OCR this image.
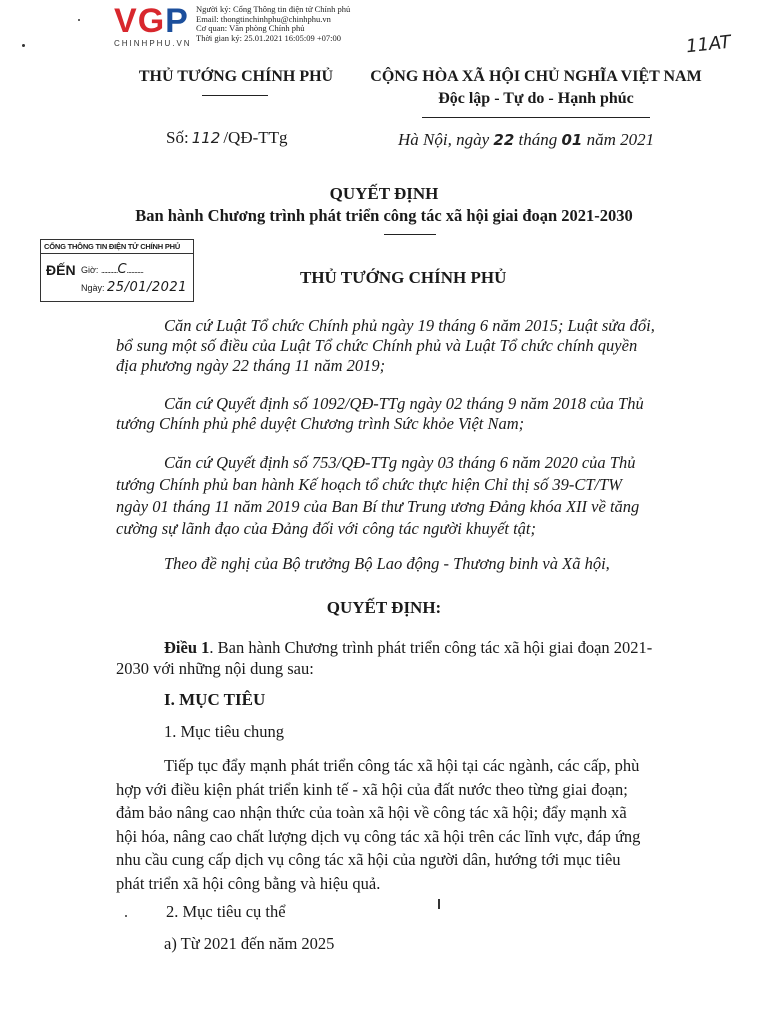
VGP
CHINHPHU.VN
Người ký: Cổng Thông tin điện tử Chính phủ
Email: thongtinchinhphu@chinhphu.vn
Cơ quan: Văn phòng Chính phủ
Thời gian ký: 25.01.2021 16:05:09 +07:00	11AT
THỦ TƯỚNG CHÍNH PHỦ	CỘNG HÒA XÃ HỘI CHỦ NGHĨA VIỆT NAM
Độc lập - Tự do - Hạnh phúc
Số: 112 /QĐ-TTg	Hà Nội, ngày 22 tháng 01 năm 2021
QUYẾT ĐỊNH
Ban hành Chương trình phát triển công tác xã hội giai đoạn 2021-2030
CỔNG THÔNG TIN ĐIỆN TỬ CHÍNH PHỦ
ĐẾN Giờ: ...........C...........
Ngày: 25/01/2021
THỦ TƯỚNG CHÍNH PHỦ
Căn cứ Luật Tổ chức Chính phủ ngày 19 tháng 6 năm 2015; Luật sửa đổi,
bổ sung một số điều của Luật Tổ chức Chính phủ và Luật Tổ chức chính quyền
địa phương ngày 22 tháng 11 năm 2019;
Căn cứ Quyết định số 1092/QĐ-TTg ngày 02 tháng 9 năm 2018 của Thủ
tướng Chính phủ phê duyệt Chương trình Sức khỏe Việt Nam;
Căn cứ Quyết định số 753/QĐ-TTg ngày 03 tháng 6 năm 2020 của Thủ
tướng Chính phủ ban hành Kế hoạch tổ chức thực hiện Chỉ thị số 39-CT/TW
ngày 01 tháng 11 năm 2019 của Ban Bí thư Trung ương Đảng khóa XII về tăng
cường sự lãnh đạo của Đảng đối với công tác người khuyết tật;
Theo đề nghị của Bộ trưởng Bộ Lao động - Thương binh và Xã hội,
QUYẾT ĐỊNH:
Điều 1. Ban hành Chương trình phát triển công tác xã hội giai đoạn 2021-
2030 với những nội dung sau:
I. MỤC TIÊU
1. Mục tiêu chung
Tiếp tục đẩy mạnh phát triển công tác xã hội tại các ngành, các cấp, phù
hợp với điều kiện phát triển kinh tế - xã hội của đất nước theo từng giai đoạn;
đảm bảo nâng cao nhận thức của toàn xã hội về công tác xã hội; đẩy mạnh xã
hội hóa, nâng cao chất lượng dịch vụ công tác xã hội trên các lĩnh vực, đáp ứng
nhu cầu cung cấp dịch vụ công tác xã hội của người dân, hướng tới mục tiêu
phát triển xã hội công bằng và hiệu quả.
2. Mục tiêu cụ thể
a) Từ 2021 đến năm 2025
